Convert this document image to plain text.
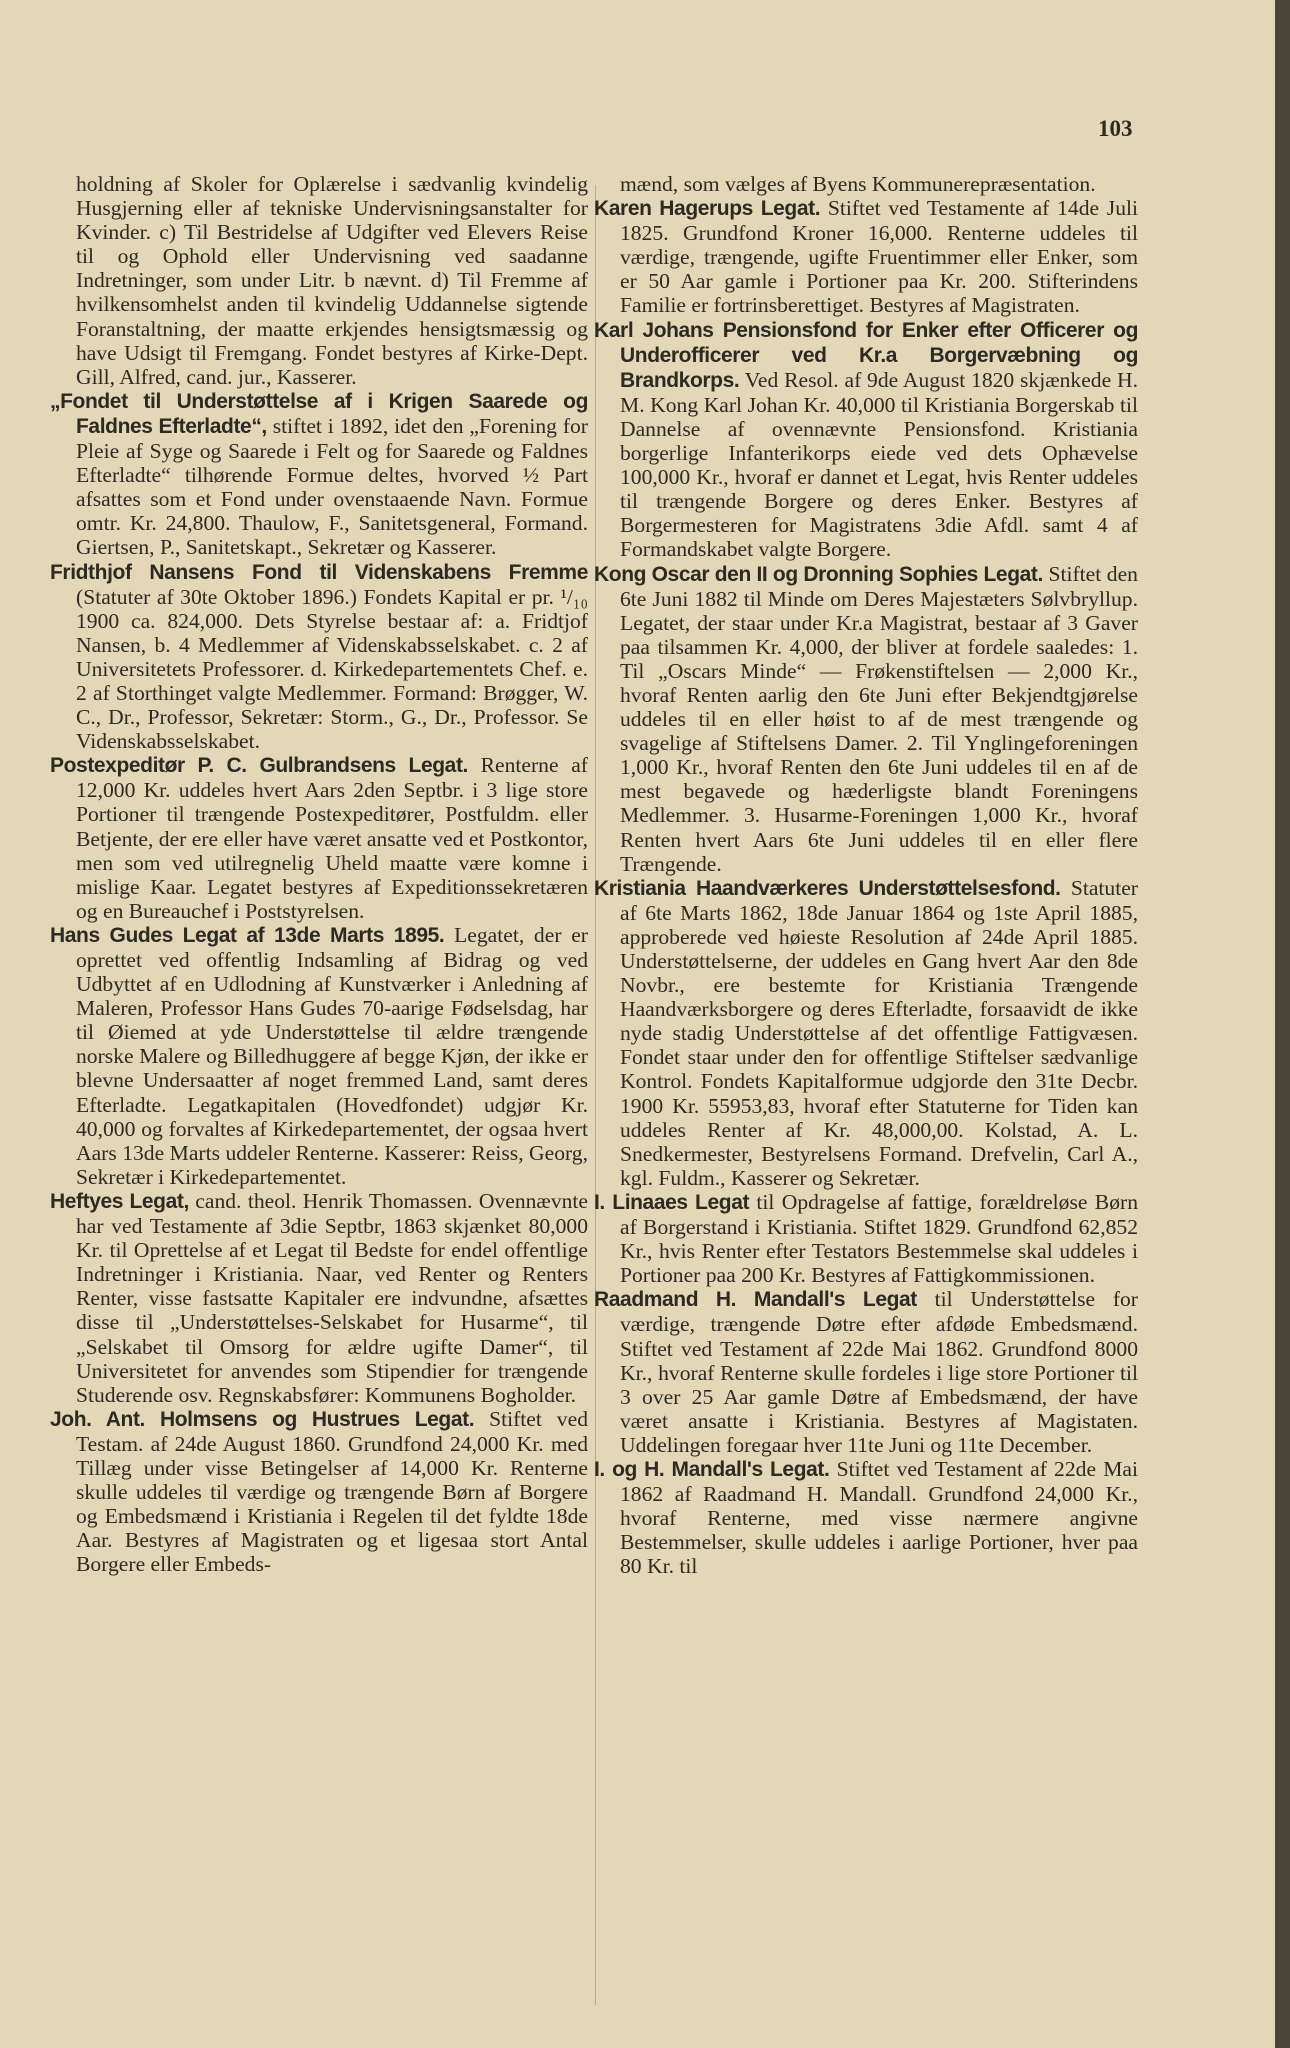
103

holdning af Skoler for Oplærelse i sædvanlig kvindelig Husgjerning eller af tekniske Undervisningsanstalter for Kvinder. c) Til Bestridelse af Udgifter ved Elevers Reise til og Ophold eller Undervisning ved saadanne Indretninger, som under Litr. b nævnt. d) Til Fremme af hvilkensomhelst anden til kvindelig Uddannelse sigtende Foranstaltning, der maatte erkjendes hensigtsmæssig og have Udsigt til Fremgang. Fondet bestyres af Kirke-Dept. Gill, Alfred, cand. jur., Kasserer.

„Fondet til Understøttelse af i Krigen Saarede og Faldnes Efterladte“, stiftet i 1892, idet den „Forening for Pleie af Syge og Saarede i Felt og for Saarede og Faldnes Efterladte“ tilhørende Formue deltes, hvorved ½ Part afsattes som et Fond under ovenstaaende Navn. Formue omtr. Kr. 24,800. Thaulow, F., Sanitetsgeneral, Formand. Giertsen, P., Sanitetskapt., Sekretær og Kasserer.

Fridthjof Nansens Fond til Videnskabens Fremme (Statuter af 30te Oktober 1896.) Fondets Kapital er pr. ¹/₁₀ 1900 ca. 824,000. Dets Styrelse bestaar af: a. Fridtjof Nansen, b. 4 Medlemmer af Videnskabsselskabet. c. 2 af Universitetets Professorer. d. Kirkedepartementets Chef. e. 2 af Storthinget valgte Medlemmer. Formand: Brøgger, W. C., Dr., Professor, Sekretær: Storm., G., Dr., Professor. Se Videnskabsselskabet.

Postexpeditør P. C. Gulbrandsens Legat. Renterne af 12,000 Kr. uddeles hvert Aars 2den Septbr. i 3 lige store Portioner til trængende Postexpeditører, Postfuldm. eller Betjente, der ere eller have været ansatte ved et Postkontor, men som ved utilregnelig Uheld maatte være komne i mislige Kaar. Legatet bestyres af Expeditionssekretæren og en Bureauchef i Poststyrelsen.

Hans Gudes Legat af 13de Marts 1895. Legatet, der er oprettet ved offentlig Indsamling af Bidrag og ved Udbyttet af en Udlodning af Kunstværker i Anledning af Maleren, Professor Hans Gudes 70-aarige Fødselsdag, har til Øiemed at yde Understøttelse til ældre trængende norske Malere og Billedhuggere af begge Kjøn, der ikke er blevne Undersaatter af noget fremmed Land, samt deres Efterladte. Legatkapitalen (Hovedfondet) udgjør Kr. 40,000 og forvaltes af Kirkedepartementet, der ogsaa hvert Aars 13de Marts uddeler Renterne. Kasserer: Reiss, Georg, Sekretær i Kirkedepartementet.

Heftyes Legat, cand. theol. Henrik Thomassen. Ovennævnte har ved Testamente af 3die Septbr, 1863 skjænket 80,000 Kr. til Oprettelse af et Legat til Bedste for endel offentlige Indretninger i Kristiania. Naar, ved Renter og Renters Renter, visse fastsatte Kapitaler ere indvundne, afsættes disse til „Understøttelses-Selskabet for Husarme“, til „Selskabet til Omsorg for ældre ugifte Damer“, til Universitetet for anvendes som Stipendier for trængende Studerende osv. Regnskabsfører: Kommunens Bogholder.

Joh. Ant. Holmsens og Hustrues Legat. Stiftet ved Testam. af 24de August 1860. Grundfond 24,000 Kr. med Tillæg under visse Betingelser af 14,000 Kr. Renterne skulle uddeles til værdige og trængende Børn af Borgere og Embedsmænd i Kristiania i Regelen til det fyldte 18de Aar. Bestyres af Magistraten og et ligesaa stort Antal Borgere eller Embeds-

mænd, som vælges af Byens Kommunerepræsentation.

Karen Hagerups Legat. Stiftet ved Testamente af 14de Juli 1825. Grundfond Kroner 16,000. Renterne uddeles til værdige, trængende, ugifte Fruentimmer eller Enker, som er 50 Aar gamle i Portioner paa Kr. 200. Stifterindens Familie er fortrinsberettiget. Bestyres af Magistraten.

Karl Johans Pensionsfond for Enker efter Officerer og Underofficerer ved Kr.a Borgervæbning og Brandkorps. Ved Resol. af 9de August 1820 skjænkede H. M. Kong Karl Johan Kr. 40,000 til Kristiania Borgerskab til Dannelse af ovennævnte Pensionsfond. Kristiania borgerlige Infanterikorps eiede ved dets Ophævelse 100,000 Kr., hvoraf er dannet et Legat, hvis Renter uddeles til trængende Borgere og deres Enker. Bestyres af Borgermesteren for Magistratens 3die Afdl. samt 4 af Formandskabet valgte Borgere.

Kong Oscar den II og Dronning Sophies Legat. Stiftet den 6te Juni 1882 til Minde om Deres Majestæters Sølvbryllup. Legatet, der staar under Kr.a Magistrat, bestaar af 3 Gaver paa tilsammen Kr. 4,000, der bliver at fordele saaledes: 1. Til „Oscars Minde“ — Frøkenstiftelsen — 2,000 Kr., hvoraf Renten aarlig den 6te Juni efter Bekjendtgjørelse uddeles til en eller høist to af de mest trængende og svagelige af Stiftelsens Damer. 2. Til Ynglingeforeningen 1,000 Kr., hvoraf Renten den 6te Juni uddeles til en af de mest begavede og hæderligste blandt Foreningens Medlemmer. 3. Husarme-Foreningen 1,000 Kr., hvoraf Renten hvert Aars 6te Juni uddeles til en eller flere Trængende.

Kristiania Haandværkeres Understøttelsesfond. Statuter af 6te Marts 1862, 18de Januar 1864 og 1ste April 1885, approberede ved høieste Resolution af 24de April 1885. Understøttelserne, der uddeles en Gang hvert Aar den 8de Novbr., ere bestemte for Kristiania Trængende Haandværksborgere og deres Efterladte, forsaavidt de ikke nyde stadig Understøttelse af det offentlige Fattigvæsen. Fondet staar under den for offentlige Stiftelser sædvanlige Kontrol. Fondets Kapitalformue udgjorde den 31te Decbr. 1900 Kr. 55953,83, hvoraf efter Statuterne for Tiden kan uddeles Renter af Kr. 48,000,00. Kolstad, A. L. Snedkermester, Bestyrelsens Formand. Drefvelin, Carl A., kgl. Fuldm., Kasserer og Sekretær.

I. Linaaes Legat til Opdragelse af fattige, forældreløse Børn af Borgerstand i Kristiania. Stiftet 1829. Grundfond 62,852 Kr., hvis Renter efter Testators Bestemmelse skal uddeles i Portioner paa 200 Kr. Bestyres af Fattigkommissionen.

Raadmand H. Mandall's Legat til Understøttelse for værdige, trængende Døtre efter afdøde Embedsmænd. Stiftet ved Testament af 22de Mai 1862. Grundfond 8000 Kr., hvoraf Renterne skulle fordeles i lige store Portioner til 3 over 25 Aar gamle Døtre af Embedsmænd, der have været ansatte i Kristiania. Bestyres af Magistaten. Uddelingen foregaar hver 11te Juni og 11te December.

I. og H. Mandall's Legat. Stiftet ved Testament af 22de Mai 1862 af Raadmand H. Mandall. Grundfond 24,000 Kr., hvoraf Renterne, med visse nærmere angivne Bestemmelser, skulle uddeles i aarlige Portioner, hver paa 80 Kr. til
